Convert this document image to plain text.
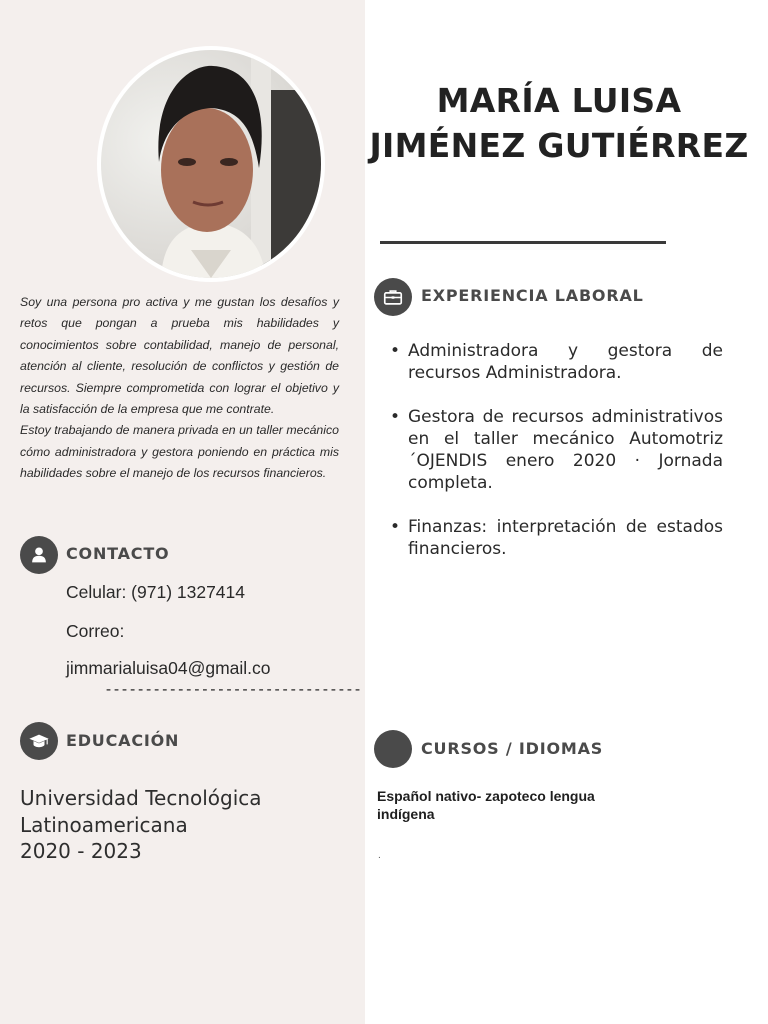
Soy una persona pro activa y me gustan los desafíos y retos que pongan a prueba mis habilidades y conocimientos sobre contabilidad, manejo de personal, atención al cliente, resolución de conflictos y gestión de recursos. Siempre comprometida con lograr el objetivo y la satisfacción de la empresa que me contrate.

Estoy trabajando de manera privada en un taller mecánico cómo administradora y gestora poniendo en práctica mis habilidades sobre el manejo de los recursos financieros.

CONTACTO
Celular: (971) 1327414
Correo:
jimmarialuisa04@gmail.co
--------------------------------
EDUCACIÓN
Universidad Tecnológica
Latinoamericana
2020 - 2023
MARÍA LUISA
JIMÉNEZ GUTIÉRREZ
EXPERIENCIA LABORAL
• Administradora y gestora de recursos Administradora.
• Gestora de recursos administrativos en el taller mecánico Automotriz´OJENDIS enero 2020 · Jornada completa.
• Finanzas: interpretación de estados financieros.
CURSOS / IDIOMAS
Español nativo- zapoteco lengua indígena
.
